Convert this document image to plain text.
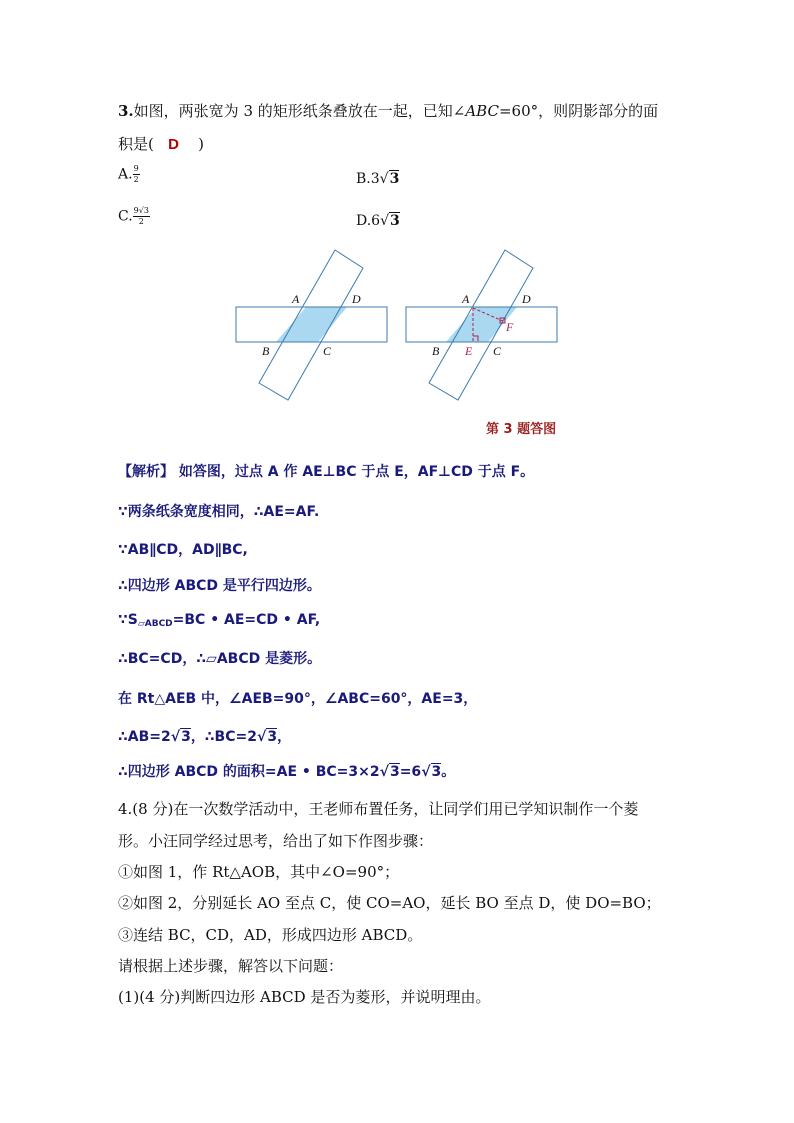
3.如图，两张宽为 3 的矩形纸条叠放在一起，已知∠ABC=60°，则阴影部分的面
积是( D )
A. $\frac{9}{2}$	B.3√3
C. $\frac{9√3}{2}$	D.6√3
A	D
B	C
A	D
B E C
F
第 3 题答图
【解析】 如答图，过点 A 作 AE⊥BC 于点 E，AF⊥CD 于点 F。
∵两条纸条宽度相同，∴AE=AF.
∵AB∥CD，AD∥BC,
∴四边形 ABCD 是平行四边形。
$\because S_{▱ABCD}=BC$ • AE=CD • AF,
∴BC=CD，∴▱ABCD 是菱形。
在 Rt△AEB 中，∠AEB=90°，∠ABC=60°，AE=3，
∴AB=2√3，∴BC=2√3，
∴四边形 ABCD 的面积=AE • BC=3×2√3=6√3。
4.(8 分)在一次数学活动中，王老师布置任务，让同学们用已学知识制作一个菱
形。小汪同学经过思考，给出了如下作图步骤：
①如图 1，作 Rt△AOB，其中∠O=90°；
②如图 2，分别延长 AO 至点 C，使 CO=AO，延长 BO 至点 D，使 DO=BO；
③连结 BC，CD，AD，形成四边形 ABCD。
请根据上述步骤，解答以下问题：
(1)(4 分)判断四边形 ABCD 是否为菱形，并说明理由。
